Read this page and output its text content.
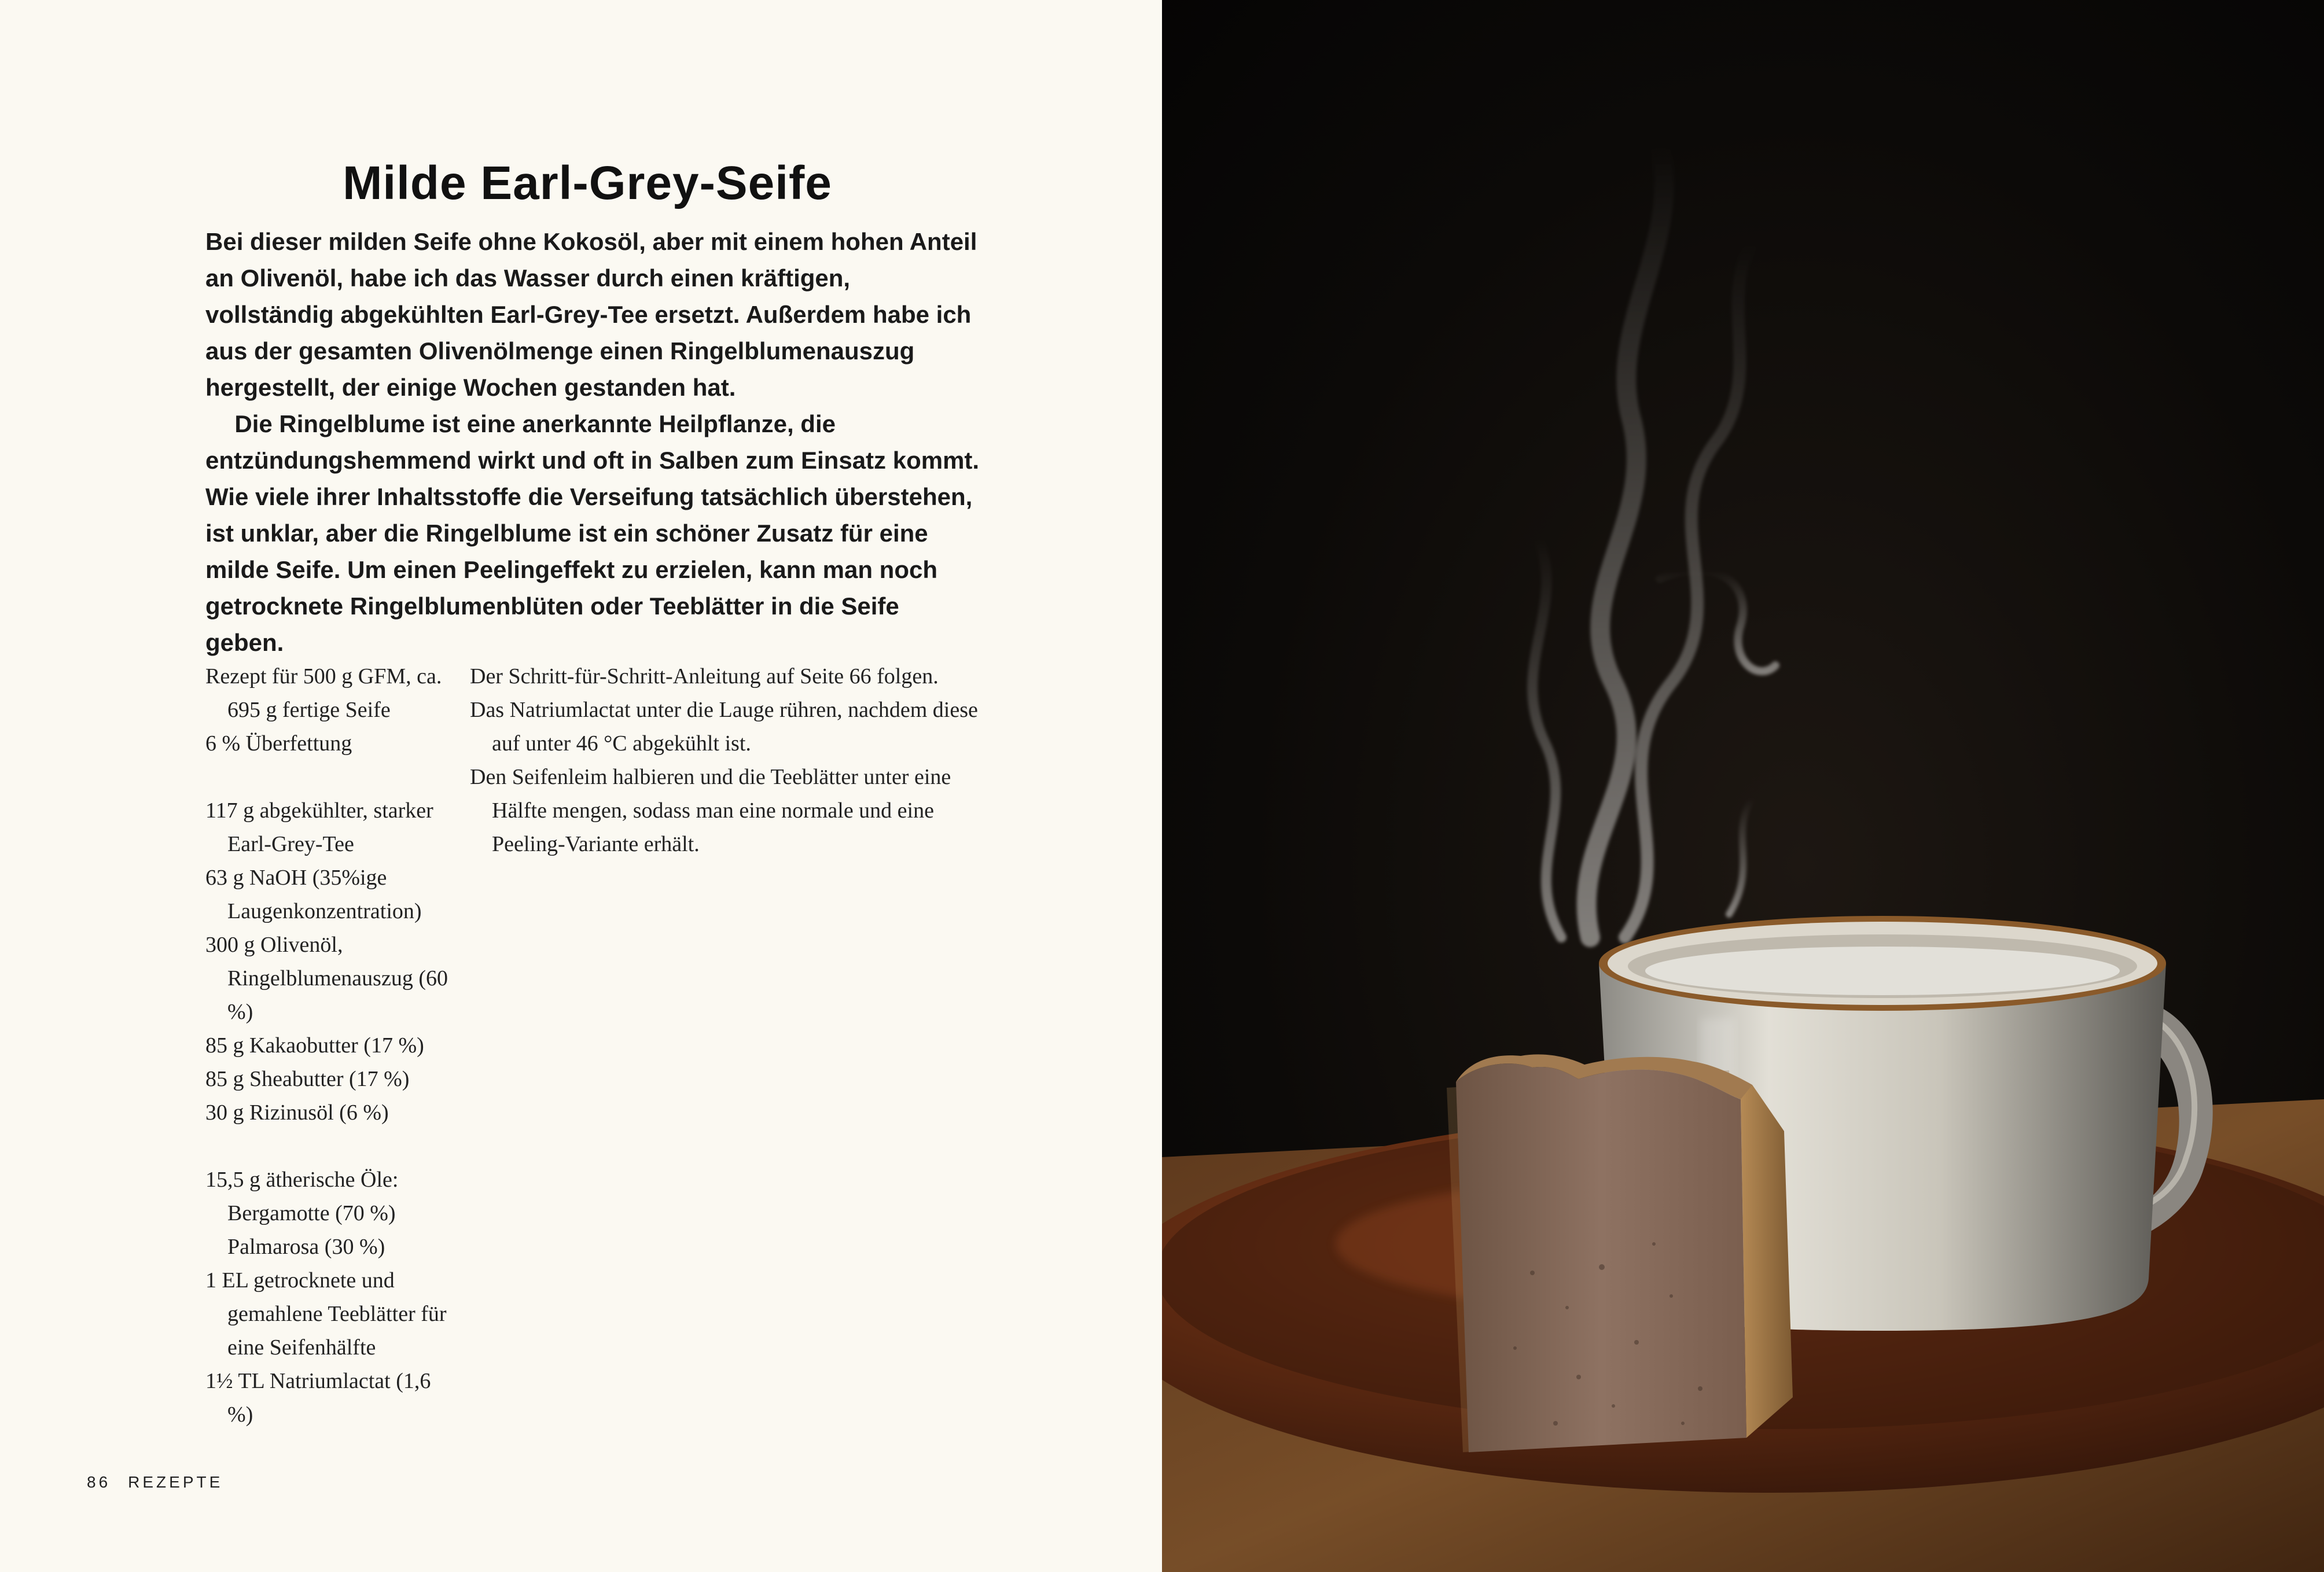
Milde Earl-Grey-Seife

Bei dieser milden Seife ohne Kokosöl, aber mit einem hohen Anteil an Olivenöl, habe ich das Wasser durch einen kräftigen, vollständig abgekühlten Earl-Grey-Tee ersetzt. Außerdem habe ich aus der gesamten Olivenölmenge einen Ringelblumenauszug hergestellt, der einige Wochen gestanden hat.

Die Ringelblume ist eine anerkannte Heilpflanze, die entzündungshemmend wirkt und oft in Salben zum Einsatz kommt. Wie viele ihrer Inhaltsstoffe die Verseifung tatsächlich überstehen, ist unklar, aber die Ringelblume ist ein schöner Zusatz für eine milde Seife. Um einen Peelingeffekt zu erzielen, kann man noch getrocknete Ringelblumenblüten oder Teeblätter in die Seife geben.

Rezept für 500 g GFM, ca. 695 g fertige Seife

6 % Überfettung

117 g abgekühlter, starker Earl-Grey-Tee

63 g NaOH (35%ige Laugenkonzentration)

300 g Olivenöl, Ringelblumenauszug (60 %)

85 g Kakaobutter (17 %)

85 g Sheabutter (17 %)

30 g Rizinusöl (6 %)

15,5 g ätherische Öle: Bergamotte (70 %) Palmarosa (30 %)

1 EL getrocknete und gemahlene Teeblätter für eine Seifenhälfte

1½ TL Natriumlactat (1,6 %)

Der Schritt-für-Schritt-Anleitung auf Seite 66 folgen.

Das Natriumlactat unter die Lauge rühren, nachdem diese auf unter 46 °C abgekühlt ist.

Den Seifenleim halbieren und die Teeblätter unter eine Hälfte mengen, sodass man eine normale und eine Peeling-Variante erhält.

86 REZEPTE
